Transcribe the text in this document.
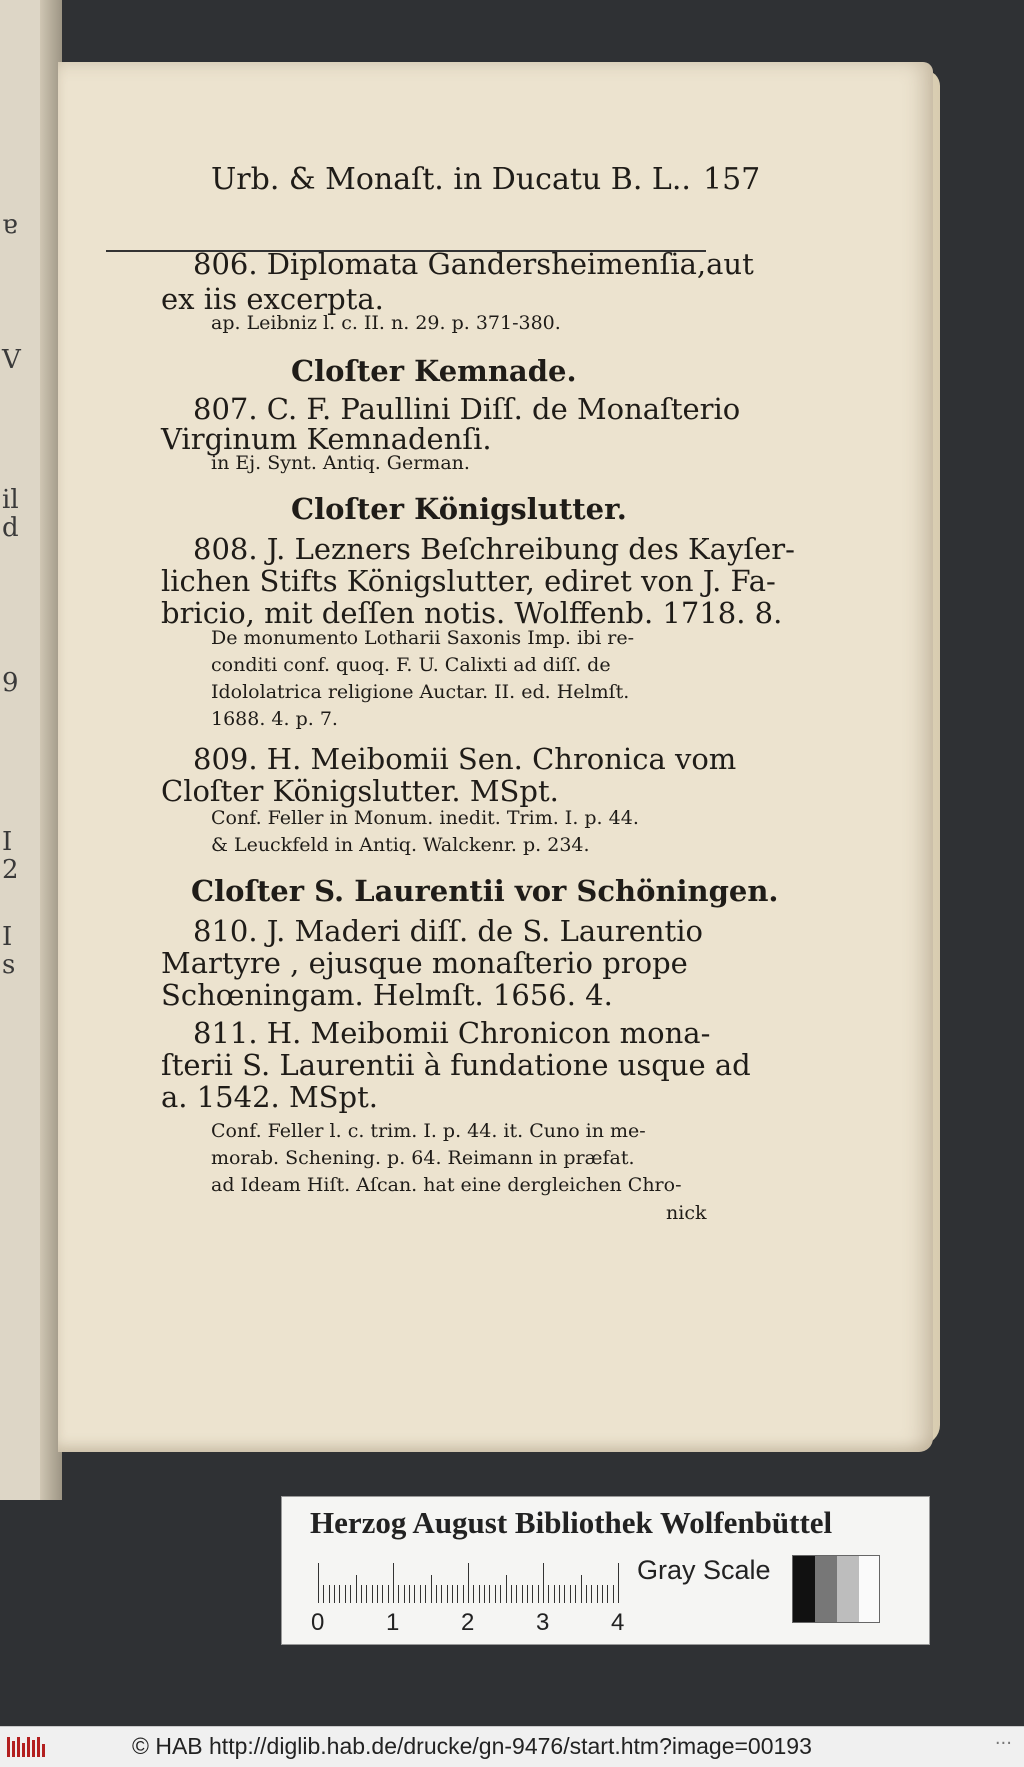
ɐ
V
il
d
9
I
2
I
s
Urb. & Monaſt. in Ducatu B. L.. 157
806. Diplomata Gandersheimenſia,aut
ex iis excerpta.
ap. Leibniz l. c. II. n. 29. p. 371-380.
Cloſter Kemnade.
807. C. F. Paullini Diſſ. de Monaſterio
Virginum Kemnadenſi.
in Ej. Synt. Antiq. German.
Cloſter Königslutter.
808. J. Lezners Beſchreibung des Kayſer-
lichen Stifts Königslutter, ediret von J. Fa-
bricio, mit deſſen notis. Wolffenb. 1718. 8.
De monumento Lotharii Saxonis Imp. ibi re-
conditi conf. quoq. F. U. Calixti ad diſſ. de
Idololatrica religione Auctar. II. ed. Helmſt.
1688. 4. p. 7.
809. H. Meibomii Sen. Chronica vom
Cloſter Königslutter. MSpt.
Conf. Feller in Monum. inedit. Trim. I. p. 44.
& Leuckfeld in Antiq. Walckenr. p. 234.
Cloſter S. Laurentii vor Schöningen.
810. J. Maderi diſſ. de S. Laurentio
Martyre , ejusque monaſterio prope
Schœningam. Helmſt. 1656. 4.
811. H. Meibomii Chronicon mona-
ſterii S. Laurentii à fundatione usque ad
a. 1542. MSpt.
Conf. Feller l. c. trim. I. p. 44. it. Cuno in me-
morab. Schening. p. 64. Reimann in præfat.
ad Ideam Hiſt. Aſcan. hat eine dergleichen Chro-
nick
Herzog August Bibliothek Wolfenbüttel
0	1	2	3	4
Gray Scale
© HAB http://diglib.hab.de/drucke/gn-9476/start.htm?image=00193	···
